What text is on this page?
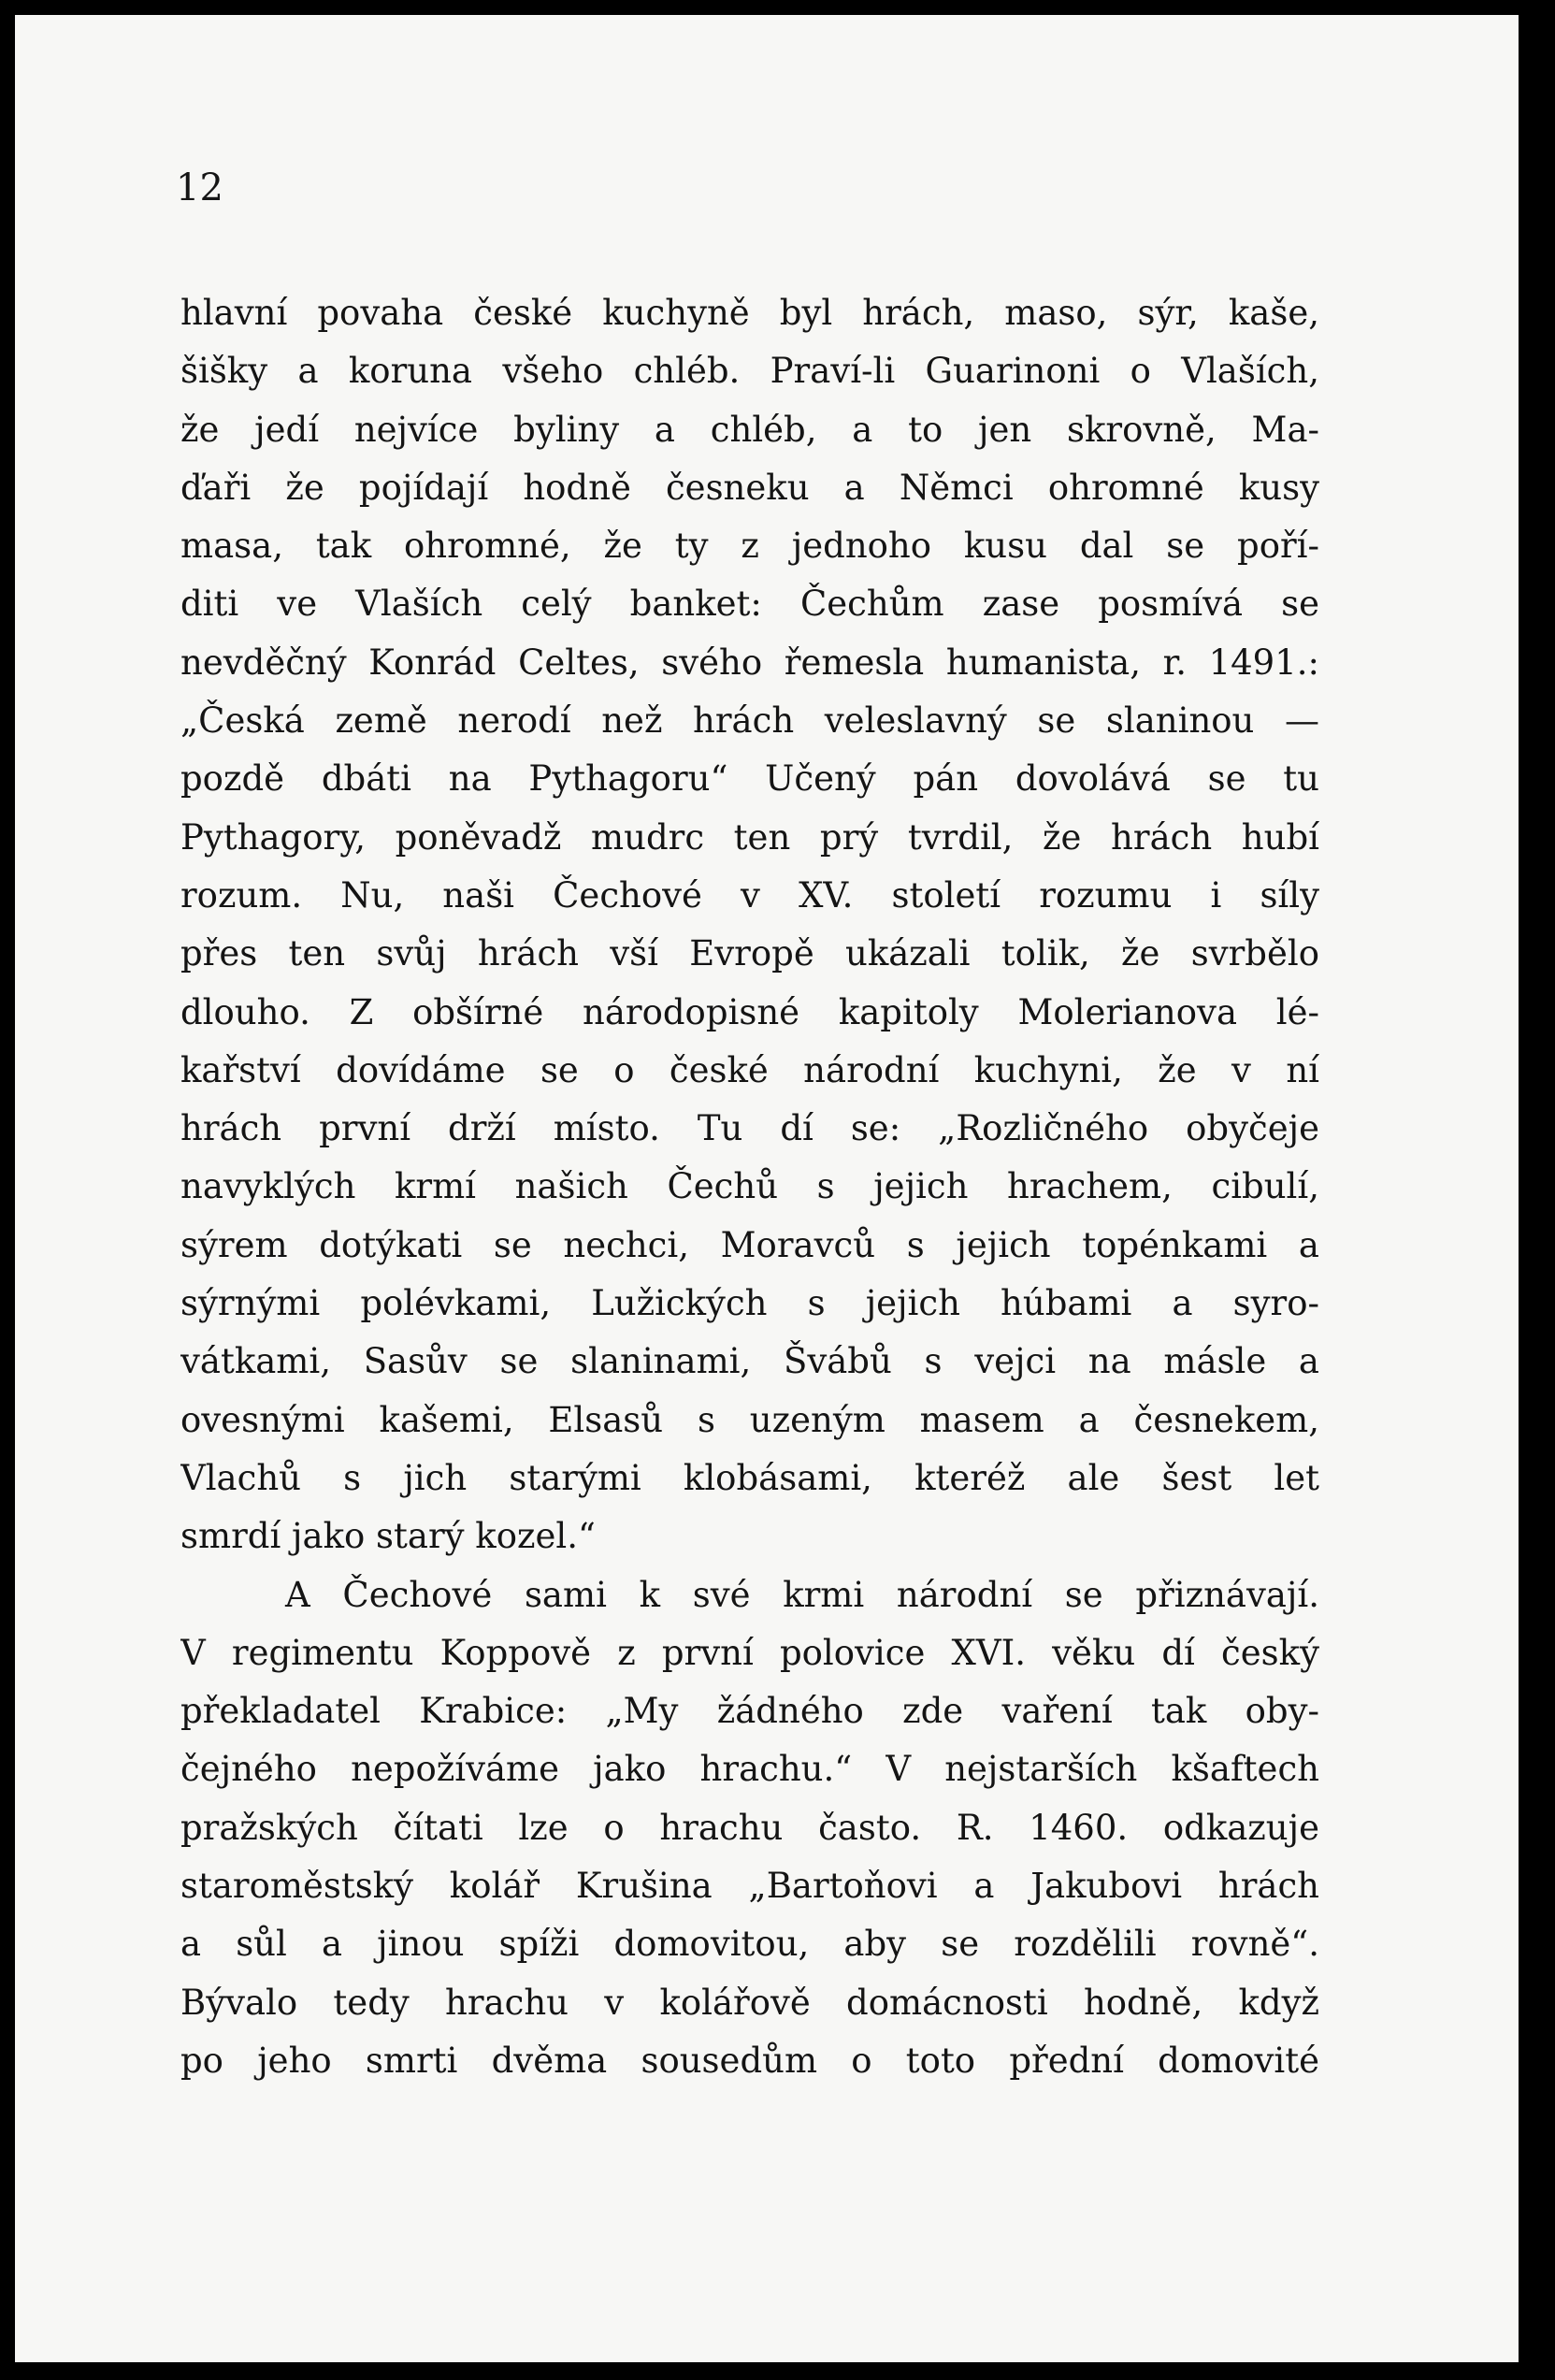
12

hlavní povaha české kuchyně byl hrách, maso, sýr, kaše,
šišky a koruna všeho chléb. Praví-li Guarinoni o Vlaších,
že jedí nejvíce byliny a chléb, a to jen skrovně, Ma-
ďaři že pojídají hodně česneku a Němci ohromné kusy
masa, tak ohromné, že ty z jednoho kusu dal se poří-
diti ve Vlaších celý banket: Čechům zase posmívá se
nevděčný Konrád Celtes, svého řemesla humanista, r. 1491.:
„Česká země nerodí než hrách veleslavný se slaninou —
pozdě dbáti na Pythagoru“ Učený pán dovolává se tu
Pythagory, poněvadž mudrc ten prý tvrdil, že hrách hubí
rozum. Nu, naši Čechové v XV. století rozumu i síly
přes ten svůj hrách vší Evropě ukázali tolik, že svrbělo
dlouho. Z obšírné národopisné kapitoly Molerianova lé-
kařství dovídáme se o české národní kuchyni, že v ní
hrách první drží místo. Tu dí se: „Rozličného obyčeje
navyklých krmí našich Čechů s jejich hrachem, cibulí,
sýrem dotýkati se nechci, Moravců s jejich topénkami a
sýrnými polévkami, Lužických s jejich húbami a syro-
vátkami, Sasův se slaninami, Švábů s vejci na másle a
ovesnými kašemi, Elsasů s uzeným masem a česnekem,
Vlachů s jich starými klobásami, kteréž ale šest let
smrdí jako starý kozel.“
A Čechové sami k své krmi národní se přiznávají.
V regimentu Koppově z první polovice XVI. věku dí český
překladatel Krabice: „My žádného zde vaření tak oby-
čejného nepožíváme jako hrachu.“ V nejstarších kšaftech
pražských čítati lze o hrachu často. R. 1460. odkazuje
staroměstský kolář Krušina „Bartoňovi a Jakubovi hrách
a sůl a jinou spíži domovitou, aby se rozdělili rovně“.
Bývalo tedy hrachu v kolářově domácnosti hodně, když
po jeho smrti dvěma sousedům o toto přední domovité
